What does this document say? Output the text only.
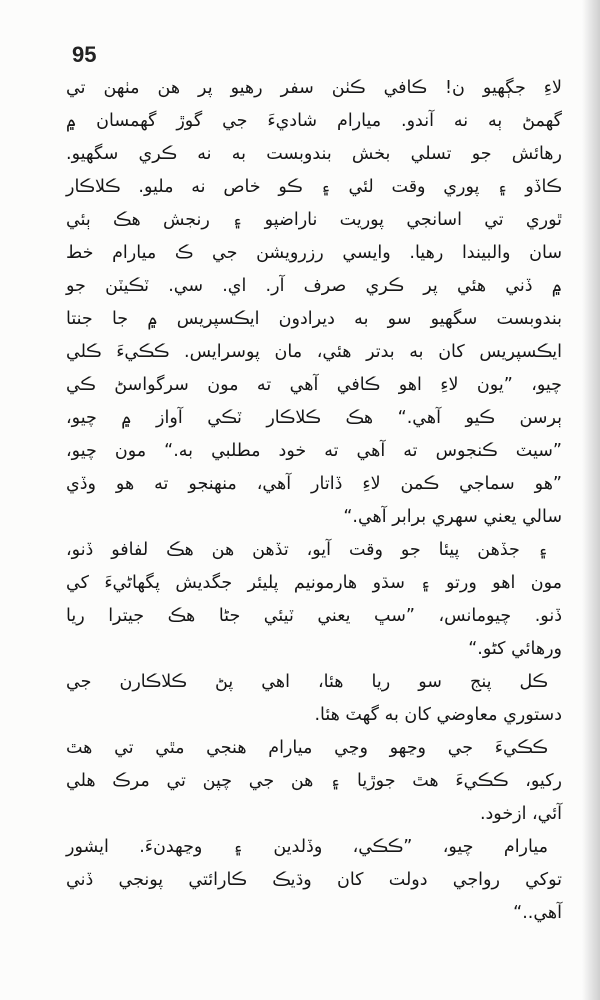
95
لاءِ جڳھيو ن! ڪافي ڪٺن سفر رهيو پر هن مٺهن تي
گهمڻ ٻه نه آندو. ميارام شاديءَ جي گوڙ گهمسان ۾
رهائش جو تسلي بخش بندوبست به نه ڪري سگهيو.
ڪاڏو ۽ پوري وقت لئي ۽ ڪو خاص نه مليو. ڪلاڪار
ٿوري تي اسانجي پوريت ناراضپو ۽ رنجش هڪ ٻئي
سان والبيندا رهيا. وايسي رزرويشن جي ڪ ميارام خط
۾ ڏني هئي پر ڪري صرف آر. اي. سي. ٽڪيٽن جو
بندوبست سگهيو سو به ديرادون ايڪسپريس ۾ جا جنتا
ايڪسپريس کان به بدتر هئي، مان پوسرايس. ڪڪيءَ ڪلي
چيو، ”يون لاءِ اهو ڪافي آهي ته مون سرگواسڻ ڪي
ٻرسن ڪيو آهي.“ هڪ ڪلاڪار ٽڪي آواز ۾ چيو،
”سيٽ ڪنجوس ته آهي ته خود مطلبي به.“ مون چيو،
”هو سماجي ڪمن لاءِ ڏاتار آهي، منهنجو ته هو وڏي
سالي يعني سهري برابر آهي.“
۽ جڏهن پيئا جو وقت آيو، تڏهن هن هڪ لفافو ڏنو،
مون اهو ورتو ۽ سڌو هارمونيم پليئر جگديش پگهاڻيءَ کي
ڏنو. چيومانس، ”سڀ يعني ٽيئي جڻا هڪ جيترا ريا
ورهائي کڻو.“
ڪل پنج سو ريا هئا، اهي پڻ ڪلاڪارن جي
دستوري معاوضي کان به گهٽ هئا.
ڪڪيءَ جي وڃهو وڃي ميارام هنجي مٿي تي هٿ
رکيو، ڪڪيءَ هٿ جوڙيا ۽ هن جي چپن تي مرڪ هلي
آئي، ازخود.
ميارام چيو، ”ڪڪي، وڏلدين ۽ وڃهدنءَ. ايشور
توکي رواجي دولت کان وڌيڪ ڪارائتي پونجي ڏني
آهي..“
